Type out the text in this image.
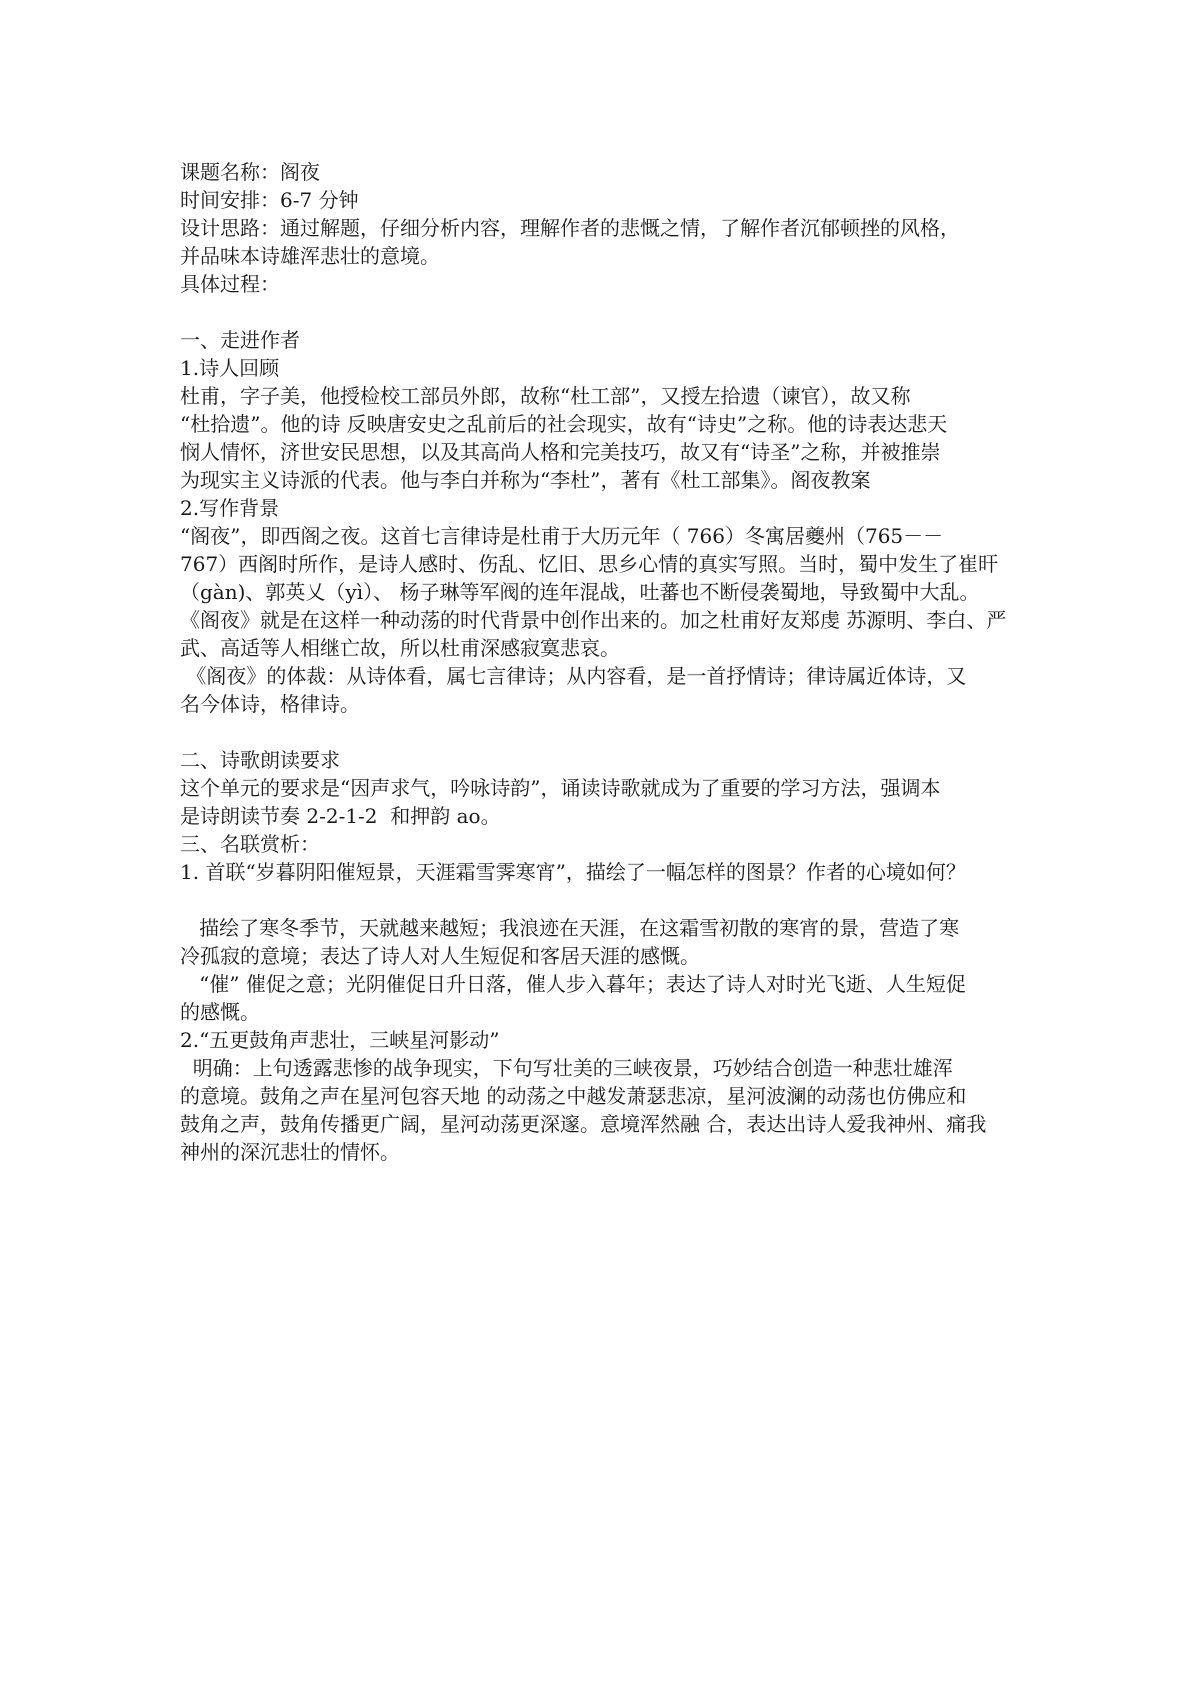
课题名称：阁夜
时间安排：6-7 分钟
设计思路：通过解题，仔细分析内容，理解作者的悲慨之情，了解作者沉郁顿挫的风格，
并品味本诗雄浑悲壮的意境。
具体过程：
一、走进作者
1.诗人回顾
杜甫，字子美，他授检校工部员外郎，故称“杜工部”，又授左拾遗（谏官），故又称
“杜拾遗”。他的诗 反映唐安史之乱前后的社会现实，故有“诗史”之称。他的诗表达悲天
悯人情怀，济世安民思想，以及其高尚人格和完美技巧，故又有“诗圣”之称，并被推崇
为现实主义诗派的代表。他与李白并称为“李杜”，著有《杜工部集》。阁夜教案
2.写作背景
“阁夜”，即西阁之夜。这首七言律诗是杜甫于大历元年（ 766）冬寓居夔州（765－－
767）西阁时所作，是诗人感时、伤乱、忆旧、思乡心情的真实写照。当时，蜀中发生了崔旰
（gàn)、郭英乂（yì）、 杨子琳等军阀的连年混战，吐蕃也不断侵袭蜀地，导致蜀中大乱。
《阁夜》就是在这样一种动荡的时代背景中创作出来的。加之杜甫好友郑虔 苏源明、李白、严
武、高适等人相继亡故，所以杜甫深感寂寞悲哀。
《阁夜》的体裁：从诗体看，属七言律诗；从内容看，是一首抒情诗；律诗属近体诗，又
名今体诗，格律诗。
二、诗歌朗读要求
这个单元的要求是“因声求气，吟咏诗韵”，诵读诗歌就成为了重要的学习方法，强调本
是诗朗读节奏 2-2-1-2  和押韵 ao。
三、名联赏析：
1. 首联“岁暮阴阳催短景，天涯霜雪霁寒宵”，描绘了一幅怎样的图景？作者的心境如何？
描绘了寒冬季节，天就越来越短；我浪迹在天涯，在这霜雪初散的寒宵的景，营造了寒
冷孤寂的意境；表达了诗人对人生短促和客居天涯的感慨。
“催” 催促之意；光阴催促日升日落，催人步入暮年；表达了诗人对时光飞逝、人生短促
的感慨。
2.“五更鼓角声悲壮，三峡星河影动”
明确：上句透露悲惨的战争现实，下句写壮美的三峡夜景，巧妙结合创造一种悲壮雄浑
的意境。鼓角之声在星河包容天地 的动荡之中越发萧瑟悲凉，星河波澜的动荡也仿佛应和
鼓角之声，鼓角传播更广阔，星河动荡更深邃。意境浑然融 合，表达出诗人爱我神州、痛我
神州的深沉悲壮的情怀。
